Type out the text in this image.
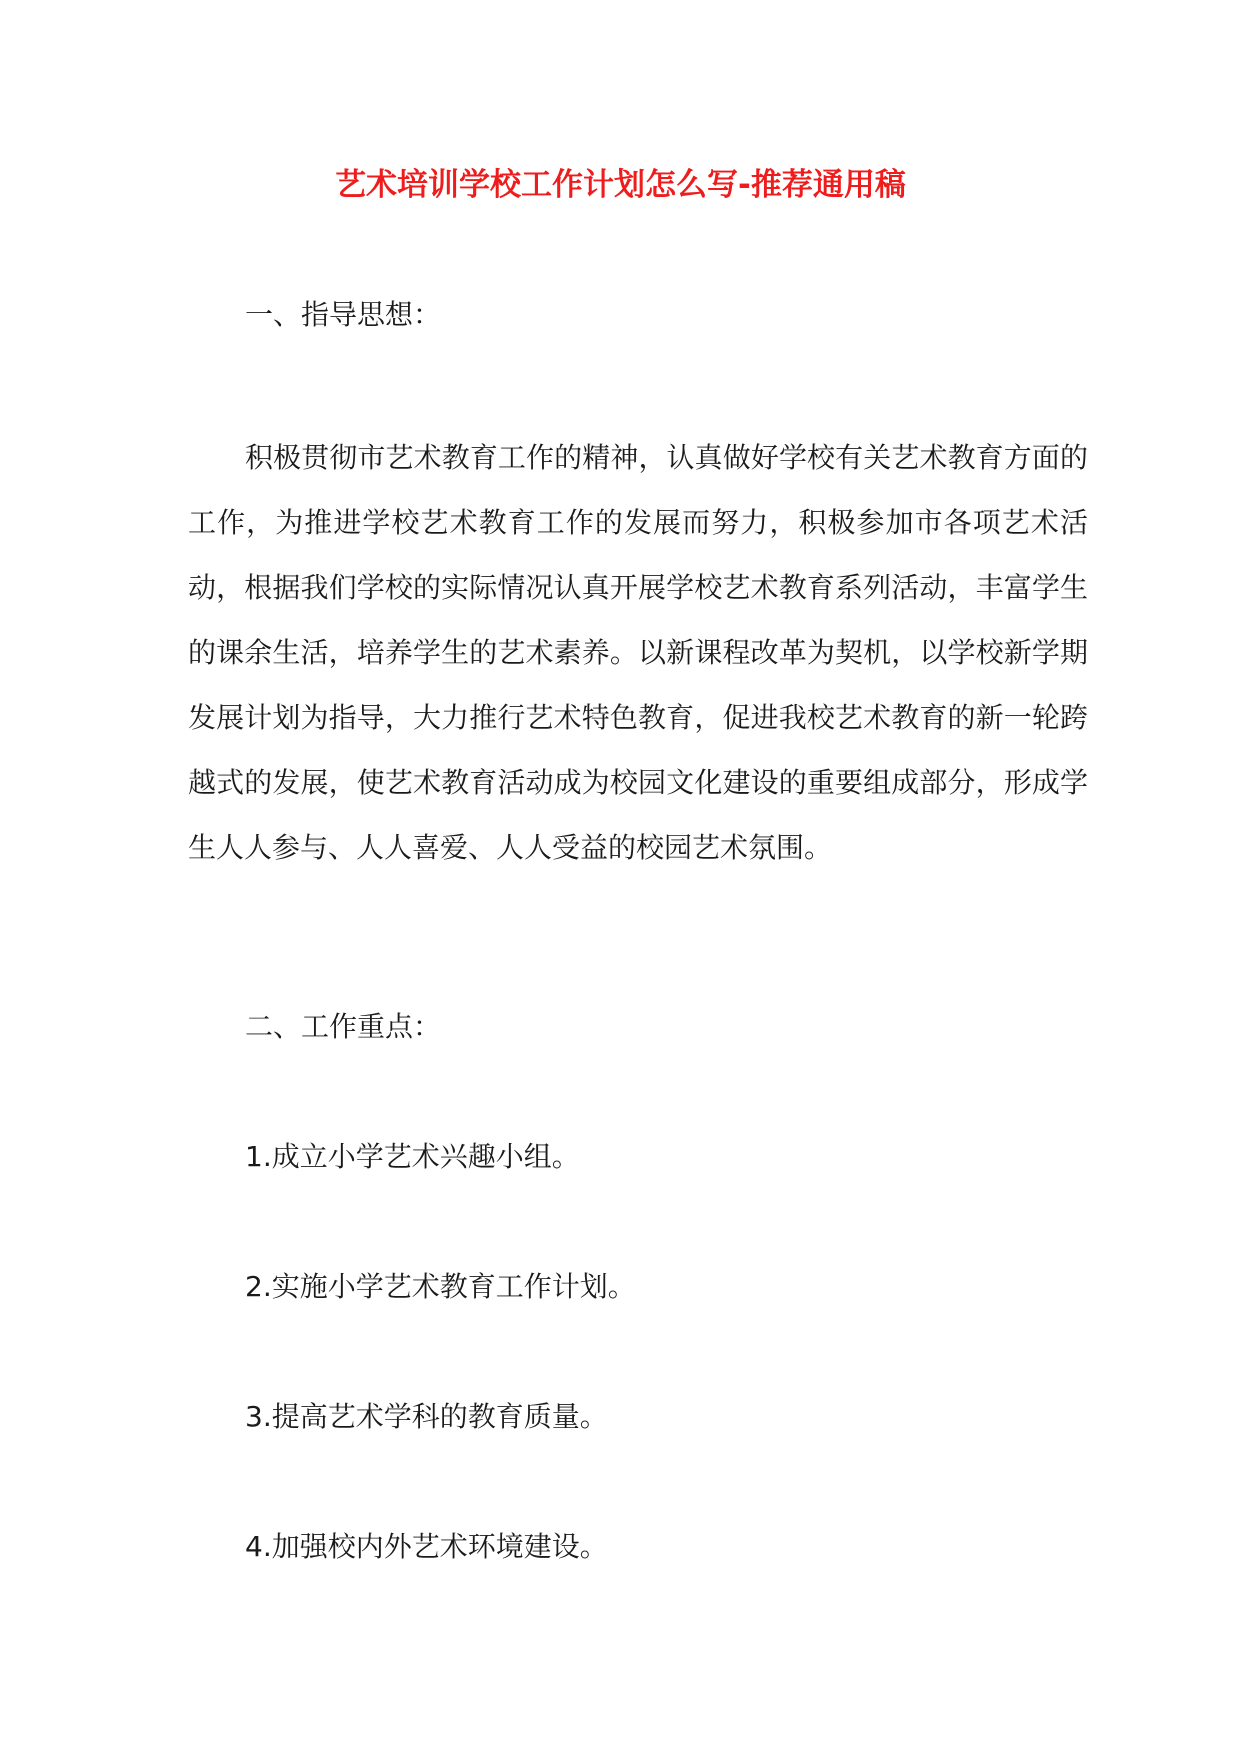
艺术培训学校工作计划怎么写-推荐通用稿

一、指导思想：

积极贯彻市艺术教育工作的精神，认真做好学校有关艺术教育方面的工作，为推进学校艺术教育工作的发展而努力，积极参加市各项艺术活动，根据我们学校的实际情况认真开展学校艺术教育系列活动，丰富学生的课余生活，培养学生的艺术素养。以新课程改革为契机，以学校新学期发展计划为指导，大力推行艺术特色教育，促进我校艺术教育的新一轮跨越式的发展，使艺术教育活动成为校园文化建设的重要组成部分，形成学生人人参与、人人喜爱、人人受益的校园艺术氛围。

二、工作重点：

1.成立小学艺术兴趣小组。

2.实施小学艺术教育工作计划。

3.提高艺术学科的教育质量。

4.加强校内外艺术环境建设。
